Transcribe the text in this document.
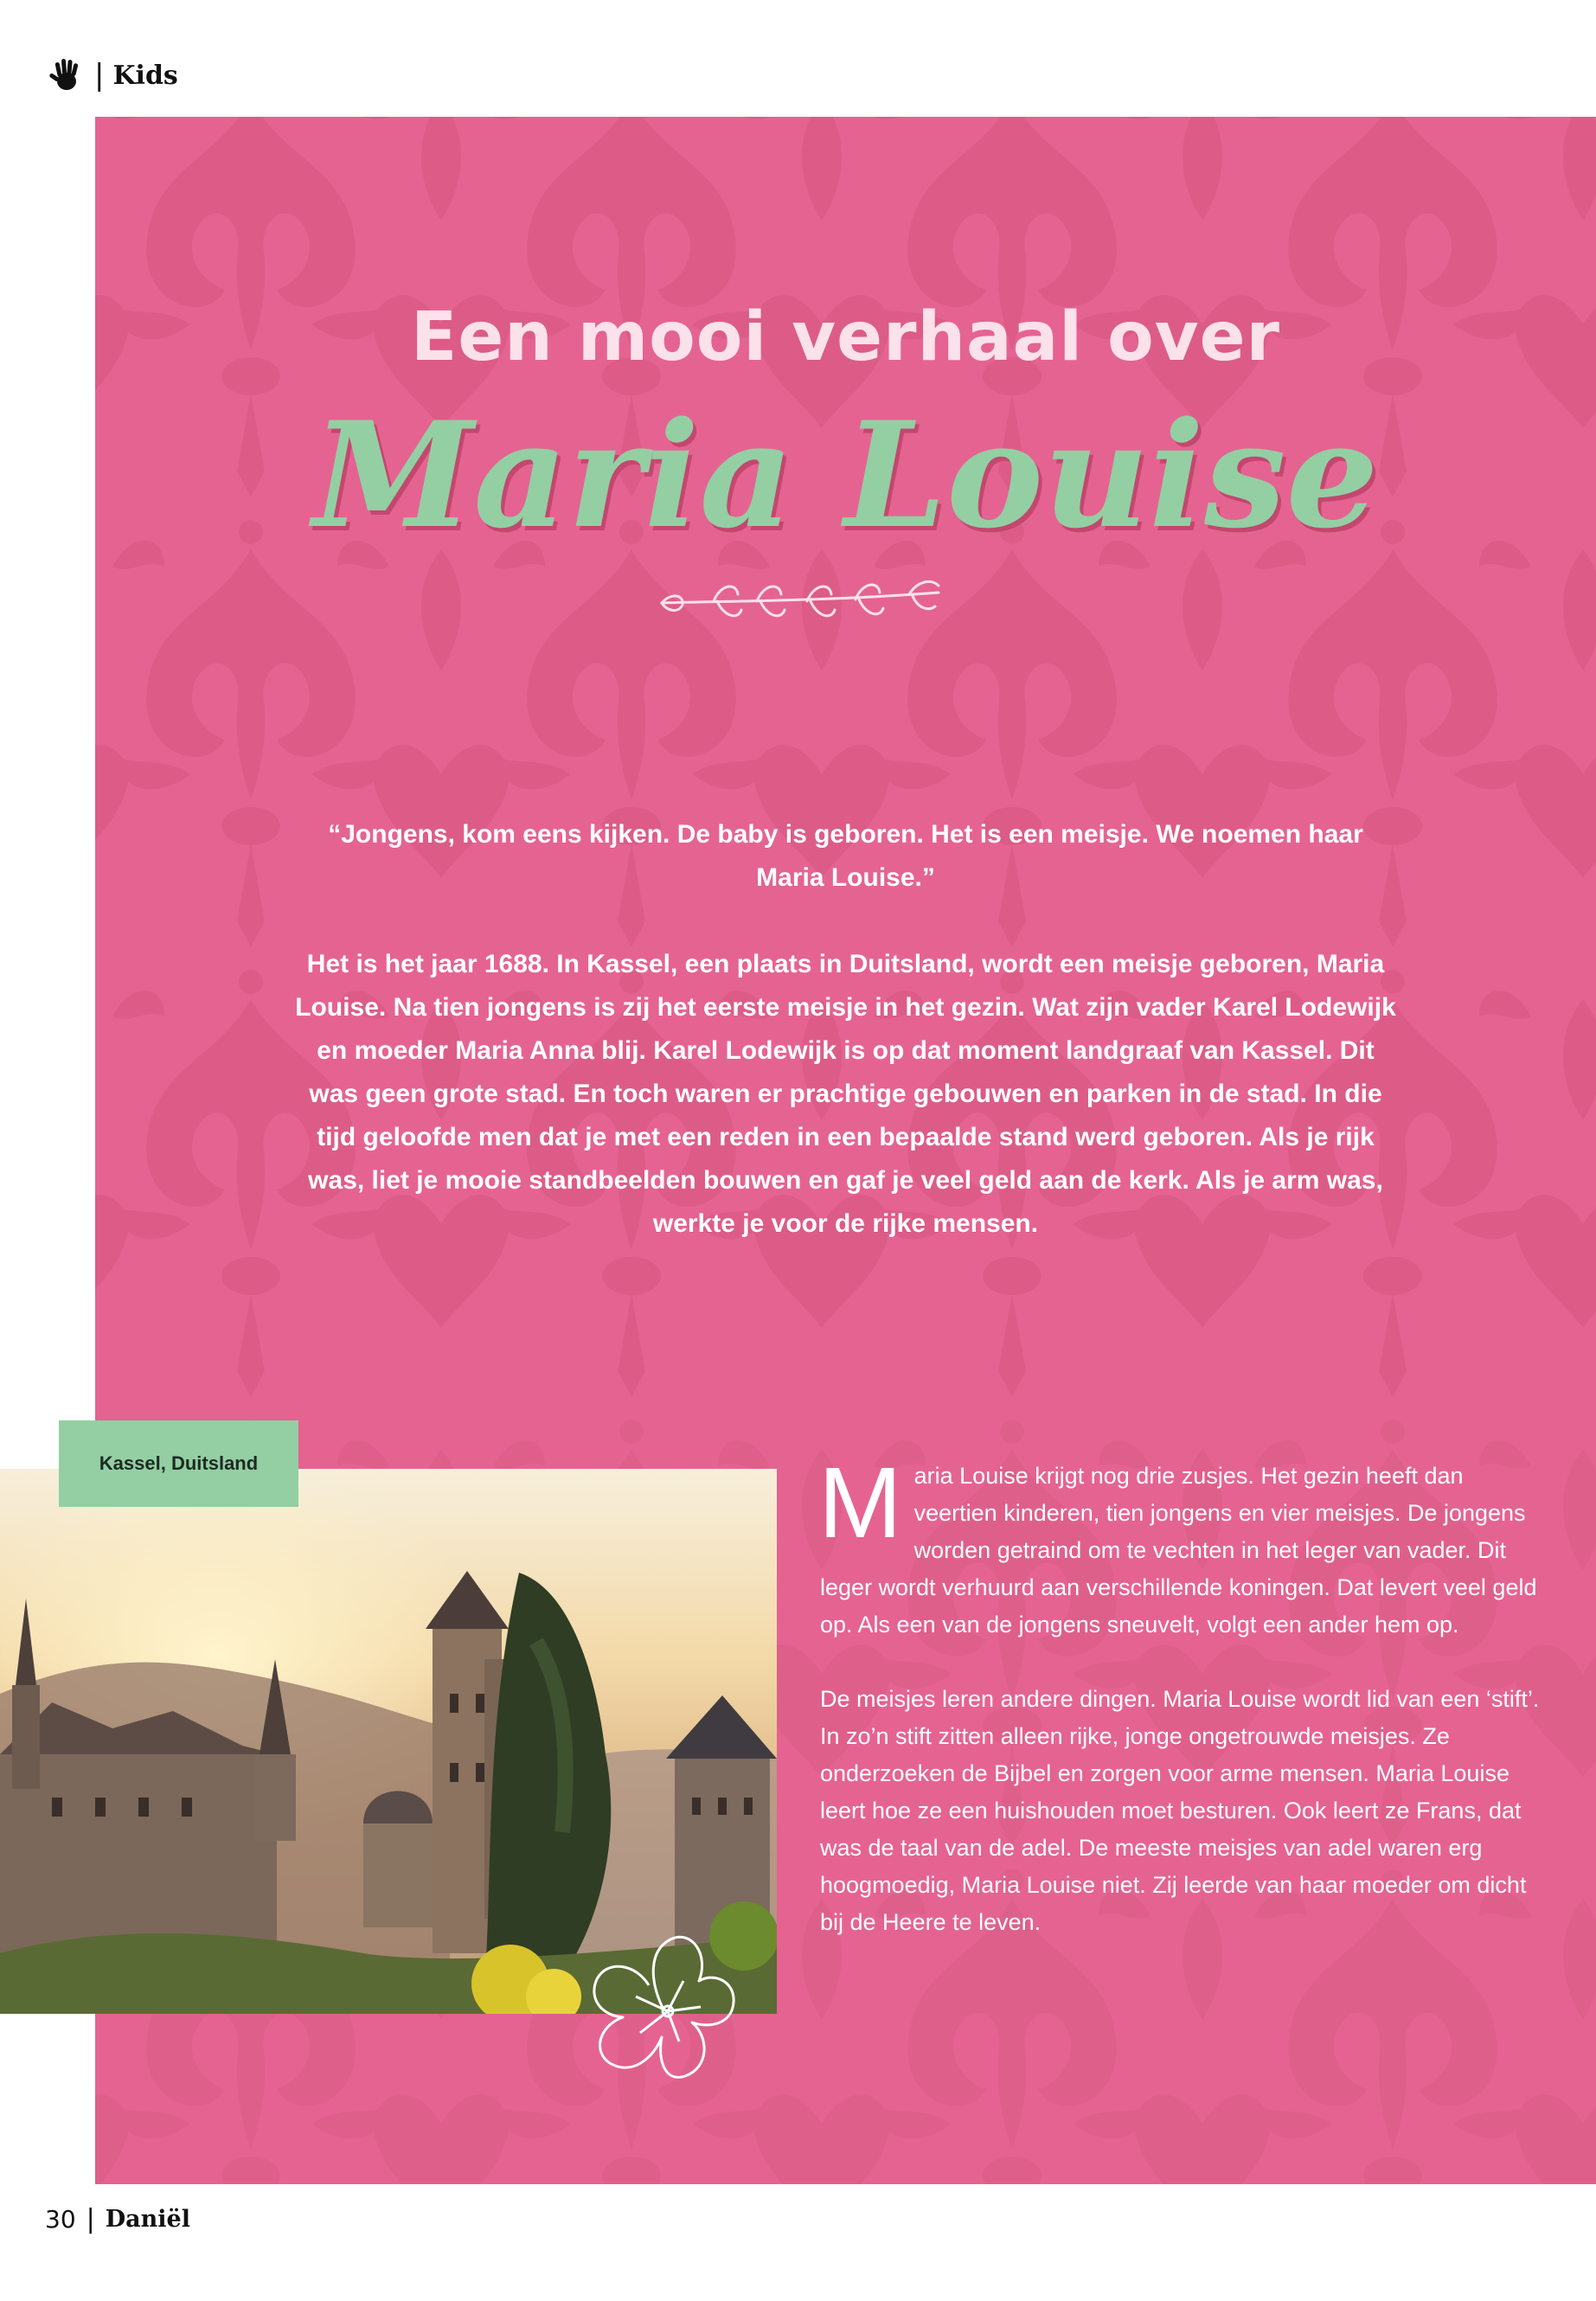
| Kids
Een mooi verhaal over
Maria Louise

“Jongens, kom eens kijken. De baby is geboren. Het is een meisje. We noemen haar Maria Louise.”

Het is het jaar 1688. In Kassel, een plaats in Duitsland, wordt een meisje geboren, Maria Louise. Na tien jongens is zij het eerste meisje in het gezin. Wat zijn vader Karel Lodewijk en moeder Maria Anna blij. Karel Lodewijk is op dat moment landgraaf van Kassel. Dit was geen grote stad. En toch waren er prachtige gebouwen en parken in de stad. In die tijd geloofde men dat je met een reden in een bepaalde stand werd geboren. Als je rijk was, liet je mooie standbeelden bouwen en gaf je veel geld aan de kerk. Als je arm was, werkte je voor de rijke mensen.

Maria Louise krijgt nog drie zusjes. Het gezin heeft dan veertien kinderen, tien jongens en vier meisjes. De jongens worden getraind om te vechten in het leger van vader. Dit leger wordt verhuurd aan verschillende koningen. Dat levert veel geld op. Als een van de jongens sneuvelt, volgt een ander hem op.

De meisjes leren andere dingen. Maria Louise wordt lid van een ‘stift’. In zo’n stift zitten alleen rijke, jonge ongetrouwde meisjes. Ze onderzoeken de Bijbel en zorgen voor arme mensen. Maria Louise leert hoe ze een huishouden moet besturen. Ook leert ze Frans, dat was de taal van de adel. De meeste meisjes van adel waren erg hoogmoedig, Maria Louise niet. Zij leerde van haar moeder om dicht bij de Heere te leven.

Kassel, Duitsland
30 | Daniël
